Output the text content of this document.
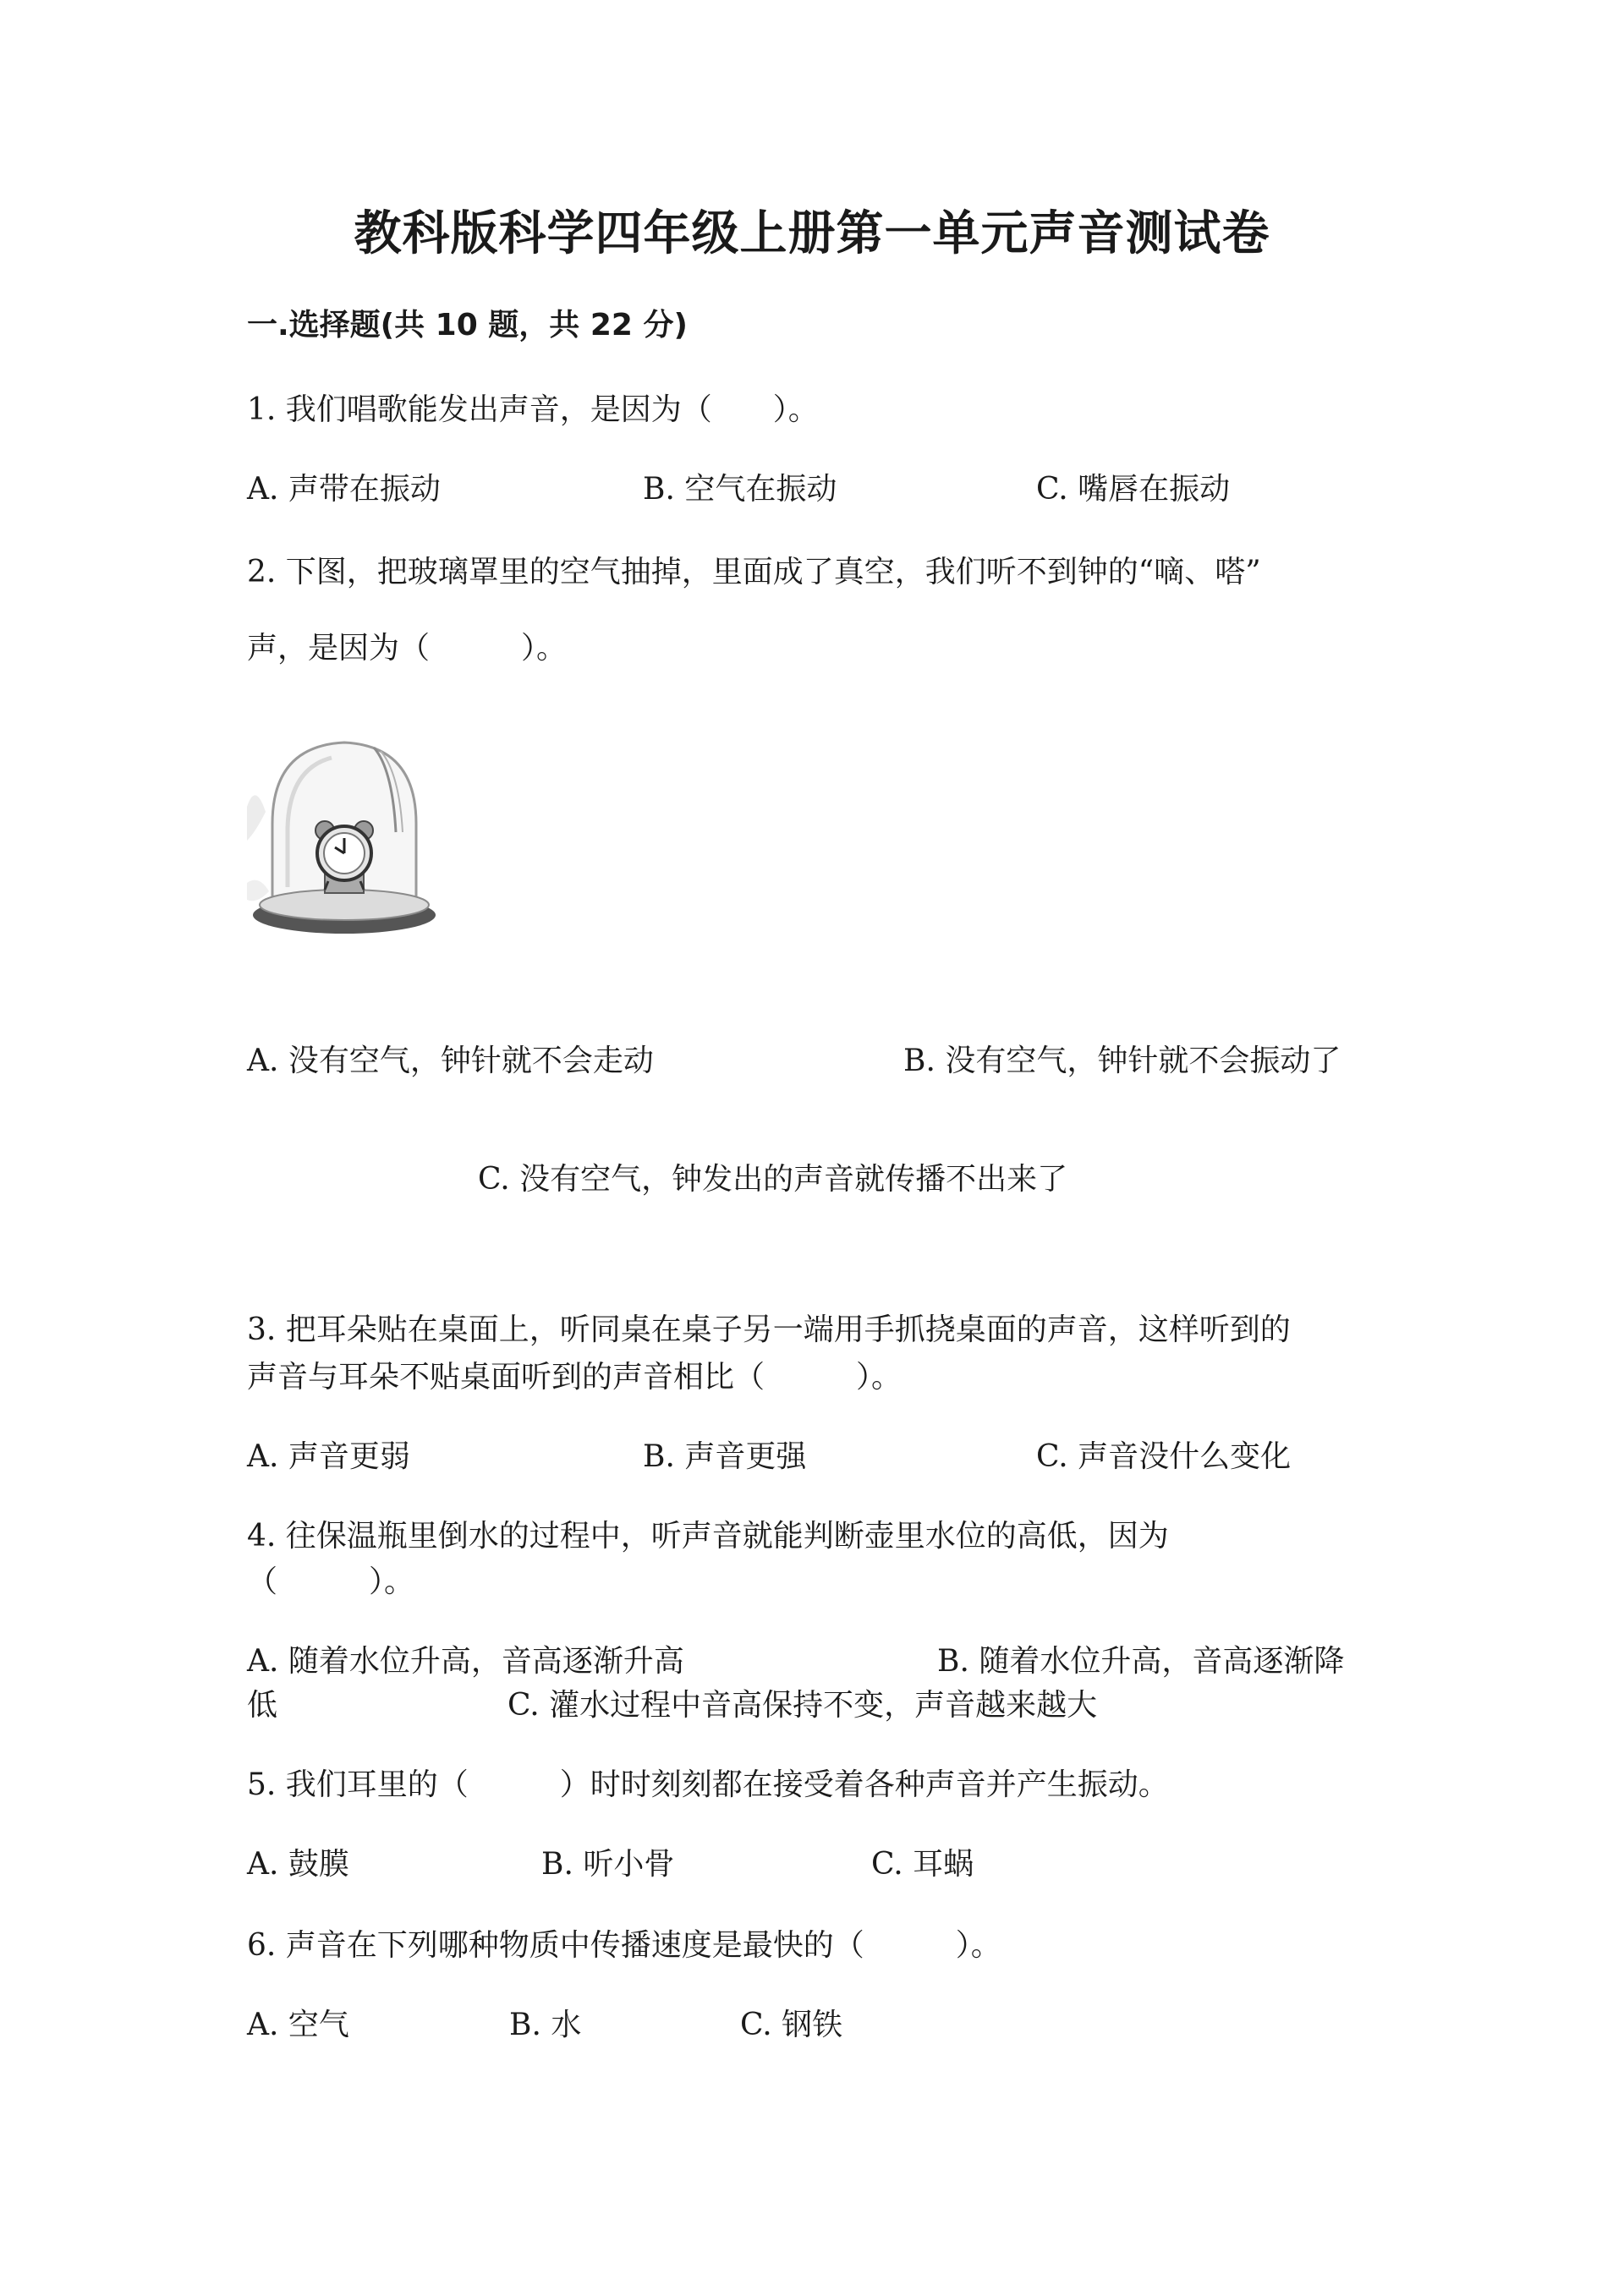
教科版科学四年级上册第一单元声音测试卷
一.选择题(共 10 题，共 22 分)
1. 我们唱歌能发出声音，是因为（　　）。
A. 声带在振动	B. 空气在振动	C. 嘴唇在振动
2. 下图，把玻璃罩里的空气抽掉，里面成了真空，我们听不到钟的“嘀、嗒”
声，是因为（　　　）。
A. 没有空气，钟针就不会走动	B. 没有空气，钟针就不会振动了
C. 没有空气，钟发出的声音就传播不出来了
3. 把耳朵贴在桌面上，听同桌在桌子另一端用手抓挠桌面的声音，这样听到的
声音与耳朵不贴桌面听到的声音相比（　　　）。
A. 声音更弱	B. 声音更强	C. 声音没什么变化
4. 往保温瓶里倒水的过程中，听声音就能判断壶里水位的高低，因为
（　　　）。
A. 随着水位升高，音高逐渐升高	B. 随着水位升高，音高逐渐降
低	C. 灌水过程中音高保持不变，声音越来越大
5. 我们耳里的（　　　）时时刻刻都在接受着各种声音并产生振动。
A. 鼓膜	B. 听小骨	C. 耳蜗
6. 声音在下列哪种物质中传播速度是最快的（　　　）。
A. 空气	B. 水	C. 钢铁
